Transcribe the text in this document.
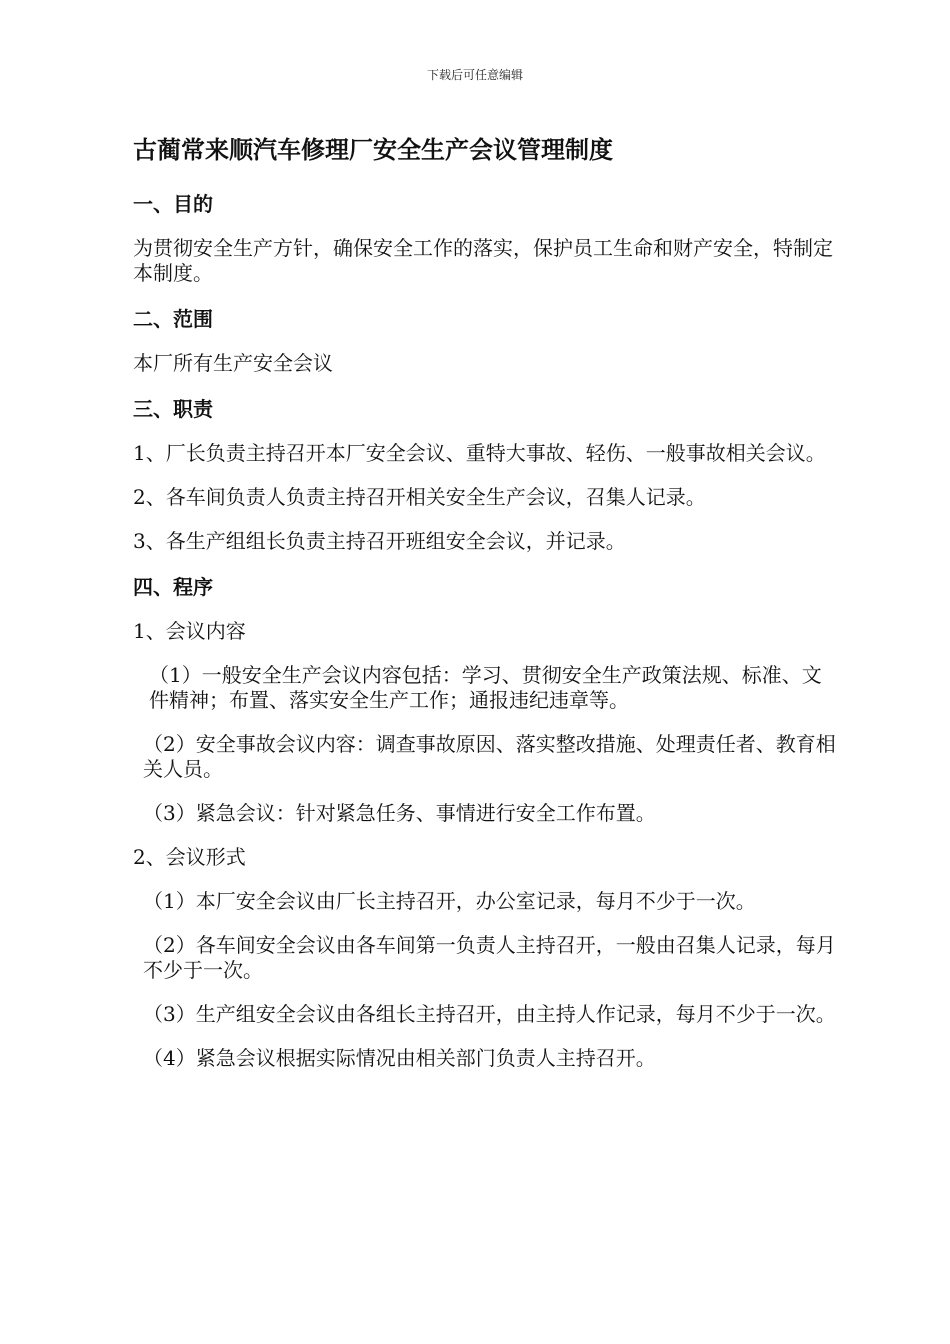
下载后可任意编辑
古蔺常来顺汽车修理厂安全生产会议管理制度
一、目的
为贯彻安全生产方针，确保安全工作的落实，保护员工生命和财产安全，特制定本制度。
二、范围
本厂所有生产安全会议
三、职责
1、厂长负责主持召开本厂安全会议、重特大事故、轻伤、一般事故相关会议。
2、各车间负责人负责主持召开相关安全生产会议，召集人记录。
3、各生产组组长负责主持召开班组安全会议，并记录。
四、程序
1、会议内容
（1）一般安全生产会议内容包括：学习、贯彻安全生产政策法规、标准、文件精神；布置、落实安全生产工作；通报违纪违章等。
（2）安全事故会议内容：调查事故原因、落实整改措施、处理责任者、教育相关人员。
（3）紧急会议：针对紧急任务、事情进行安全工作布置。
2、会议形式
（1）本厂安全会议由厂长主持召开，办公室记录，每月不少于一次。
（2）各车间安全会议由各车间第一负责人主持召开，一般由召集人记录，每月不少于一次。
（3）生产组安全会议由各组长主持召开，由主持人作记录，每月不少于一次。
（4）紧急会议根据实际情况由相关部门负责人主持召开。
